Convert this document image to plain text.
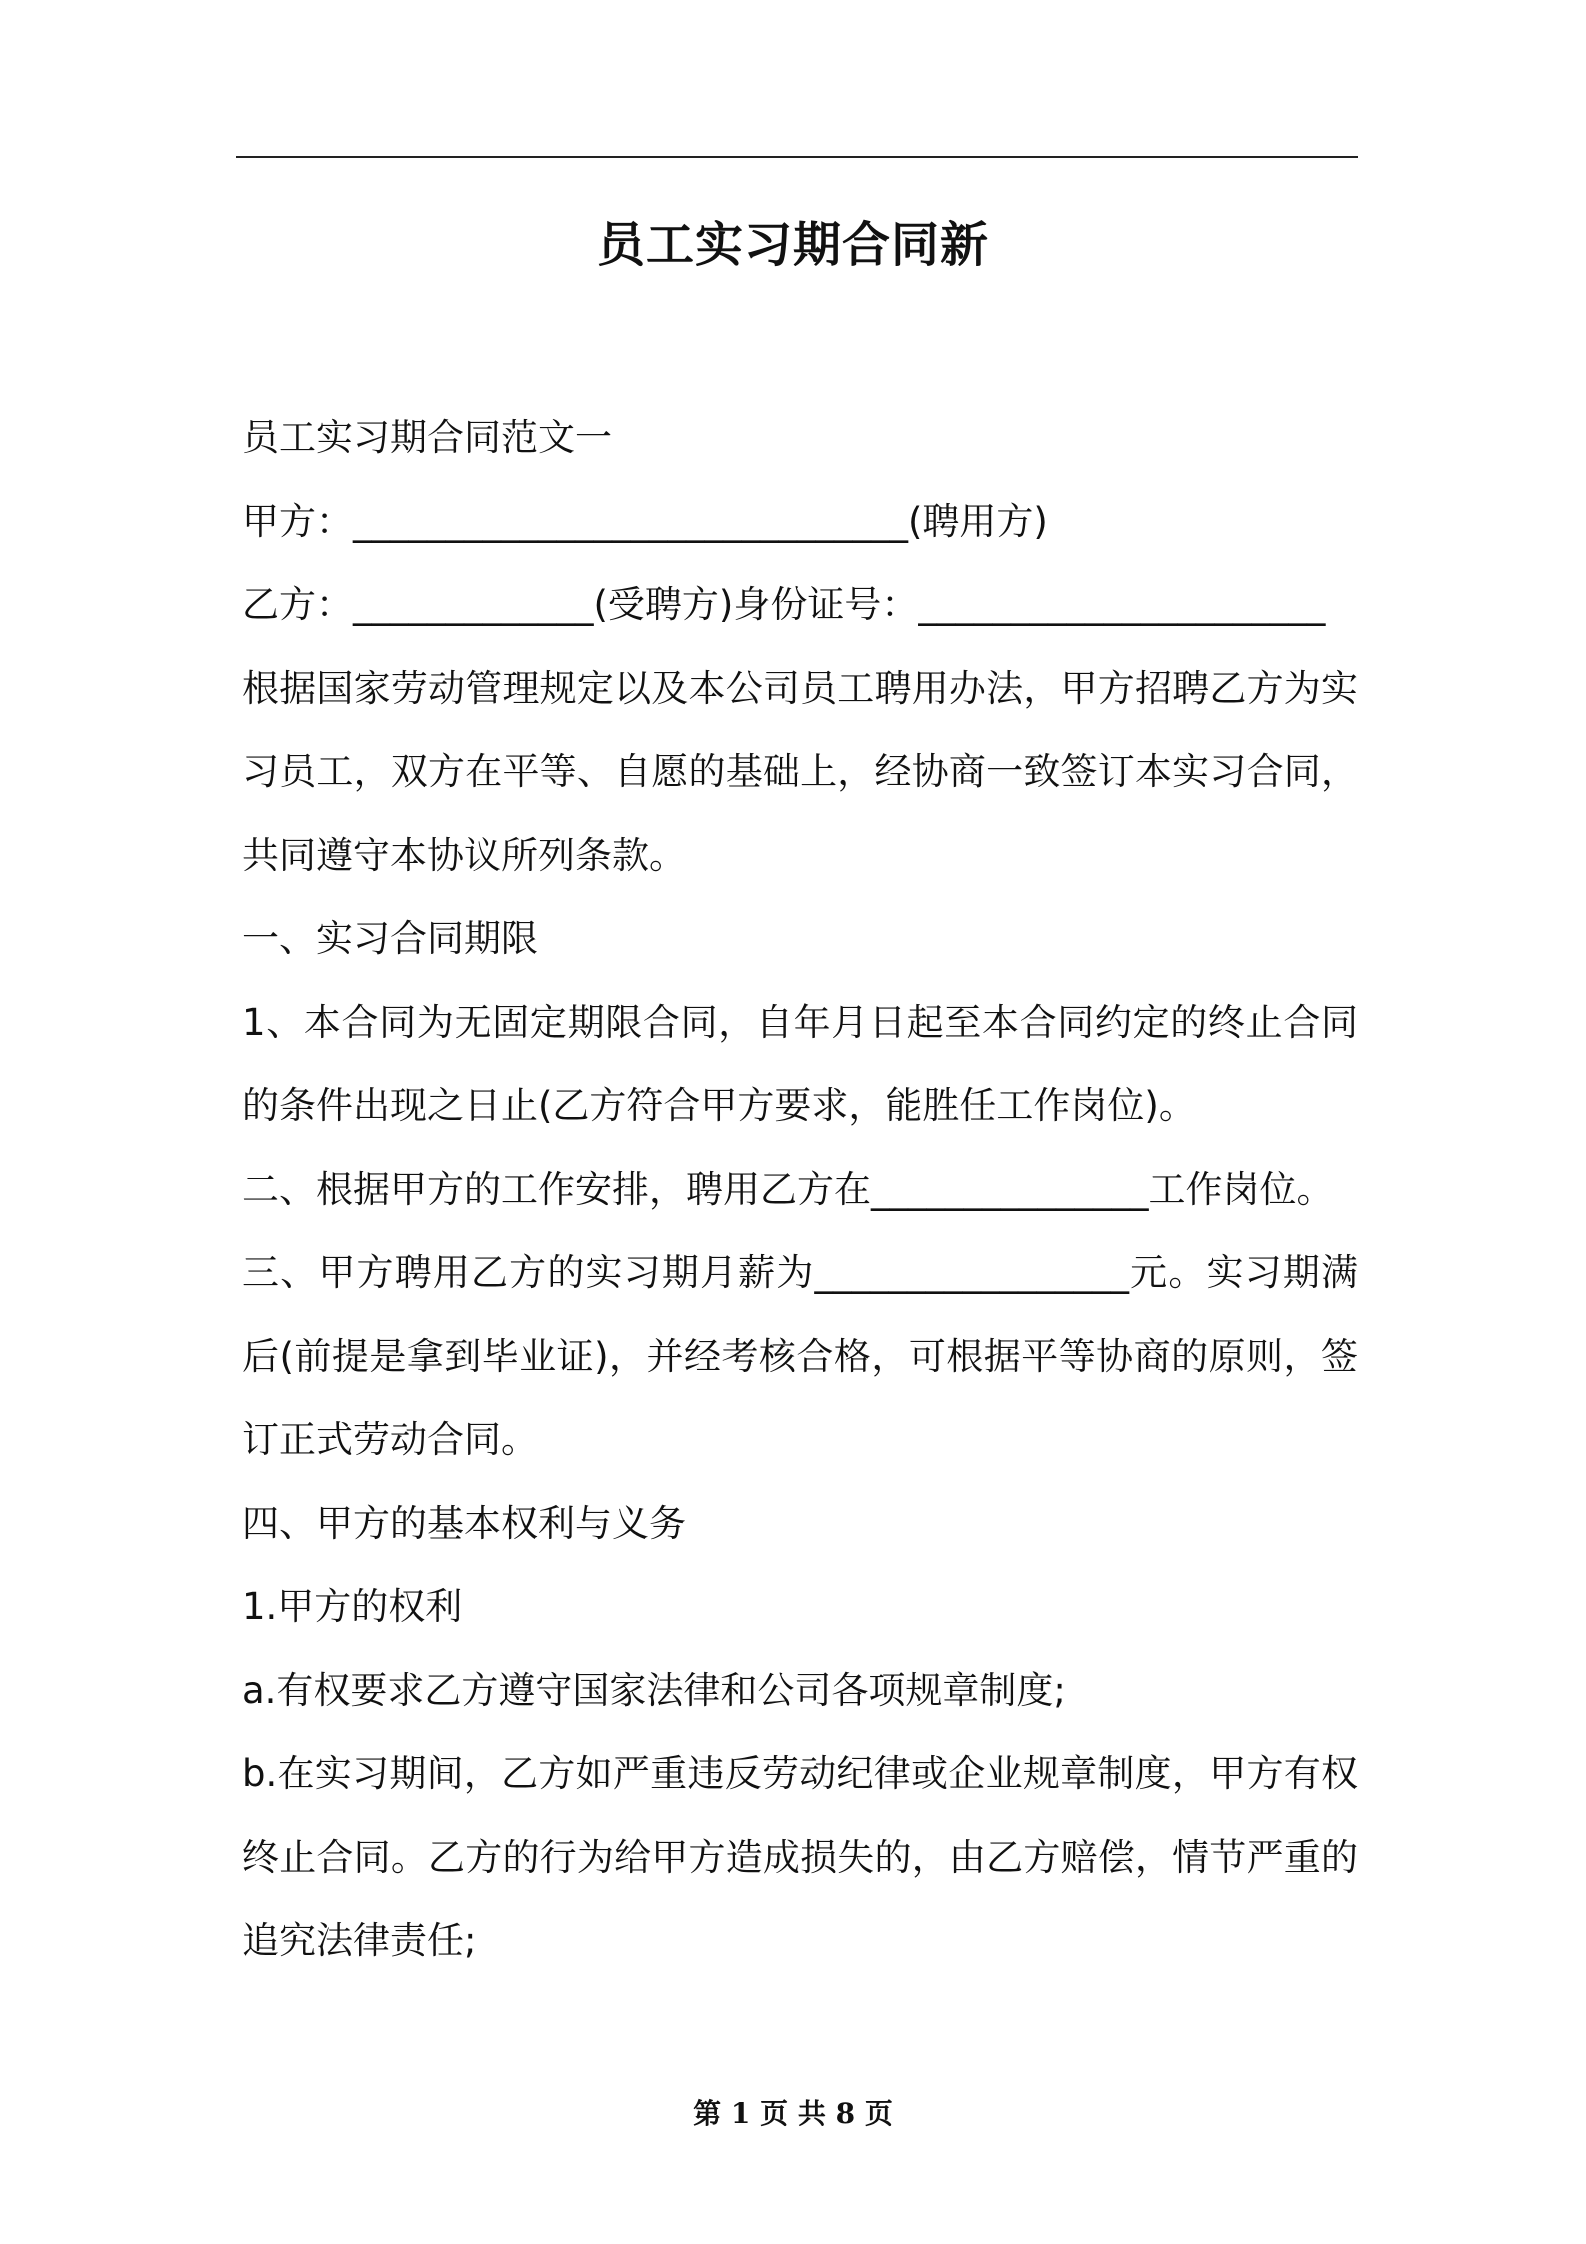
员工实习期合同新

员工实习期合同范文一

甲方：______________________________(聘用方)

乙方：_____________(受聘方)身份证号：______________________

根据国家劳动管理规定以及本公司员工聘用办法，甲方招聘乙方为实习员工，双方在平等、自愿的基础上，经协商一致签订本实习合同，共同遵守本协议所列条款。

一、实习合同期限

1、本合同为无固定期限合同，自年月日起至本合同约定的终止合同的条件出现之日止(乙方符合甲方要求，能胜任工作岗位)。

二、根据甲方的工作安排，聘用乙方在_______________工作岗位。

三、甲方聘用乙方的实习期月薪为_________________元。实习期满后(前提是拿到毕业证)，并经考核合格，可根据平等协商的原则，签订正式劳动合同。

四、甲方的基本权利与义务

1.甲方的权利

a.有权要求乙方遵守国家法律和公司各项规章制度;

b.在实习期间，乙方如严重违反劳动纪律或企业规章制度，甲方有权终止合同。乙方的行为给甲方造成损失的，由乙方赔偿，情节严重的追究法律责任;

第 1 页 共 8 页
